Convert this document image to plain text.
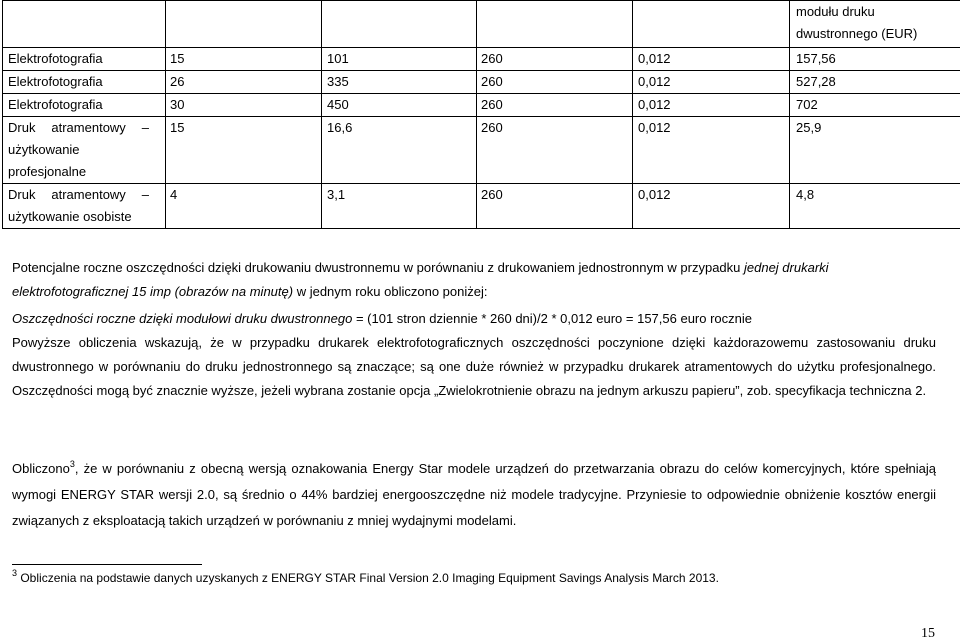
					modułu druku
dwustronnego (EUR)

Elektrofotografia	15	101	260	0,012	157,56
Elektrofotografia	26	335	260	0,012	527,28
Elektrofotografia	30	450	260	0,012	702

Druk atramentowy –
użytkowanie
profesjonalne	15	16,6	260	0,012	25,9

Druk atramentowy –
użytkowanie osobiste	4	3,1	260	0,012	4,8

Potencjalne roczne oszczędności dzięki drukowaniu dwustronnemu w porównaniu z drukowaniem jednostronnym w przypadku jednej drukarki elektrofotograficznej 15 imp (obrazów na minutę) w jednym roku obliczono poniżej:

Oszczędności roczne dzięki modułowi druku dwustronnego = (101 stron dziennie * 260 dni)/2 * 0,012 euro = 157,56 euro rocznie

Powyższe obliczenia wskazują, że w przypadku drukarek elektrofotograficznych oszczędności poczynione dzięki każdorazowemu zastosowaniu druku dwustronnego w porównaniu do druku jednostronnego są znaczące; są one duże również w przypadku drukarek atramentowych do użytku profesjonalnego. Oszczędności mogą być znacznie wyższe, jeżeli wybrana zostanie opcja „Zwielokrotnienie obrazu na jednym arkuszu papieru”, zob. specyfikacja techniczna 2.

Obliczono$^3$, że w porównaniu z obecną wersją oznakowania Energy Star modele urządzeń do przetwarzania obrazu do celów komercyjnych, które spełniają wymogi ENERGY STAR wersji 2.0, są średnio o 44% bardziej energooszczędne niż modele tradycyjne. Przyniesie to odpowiednie obniżenie kosztów energii związanych z eksploatacją takich urządzeń w porównaniu z mniej wydajnymi modelami.

$^3$ Obliczenia na podstawie danych uzyskanych z ENERGY STAR Final Version 2.0 Imaging Equipment Savings Analysis March 2013.
15
